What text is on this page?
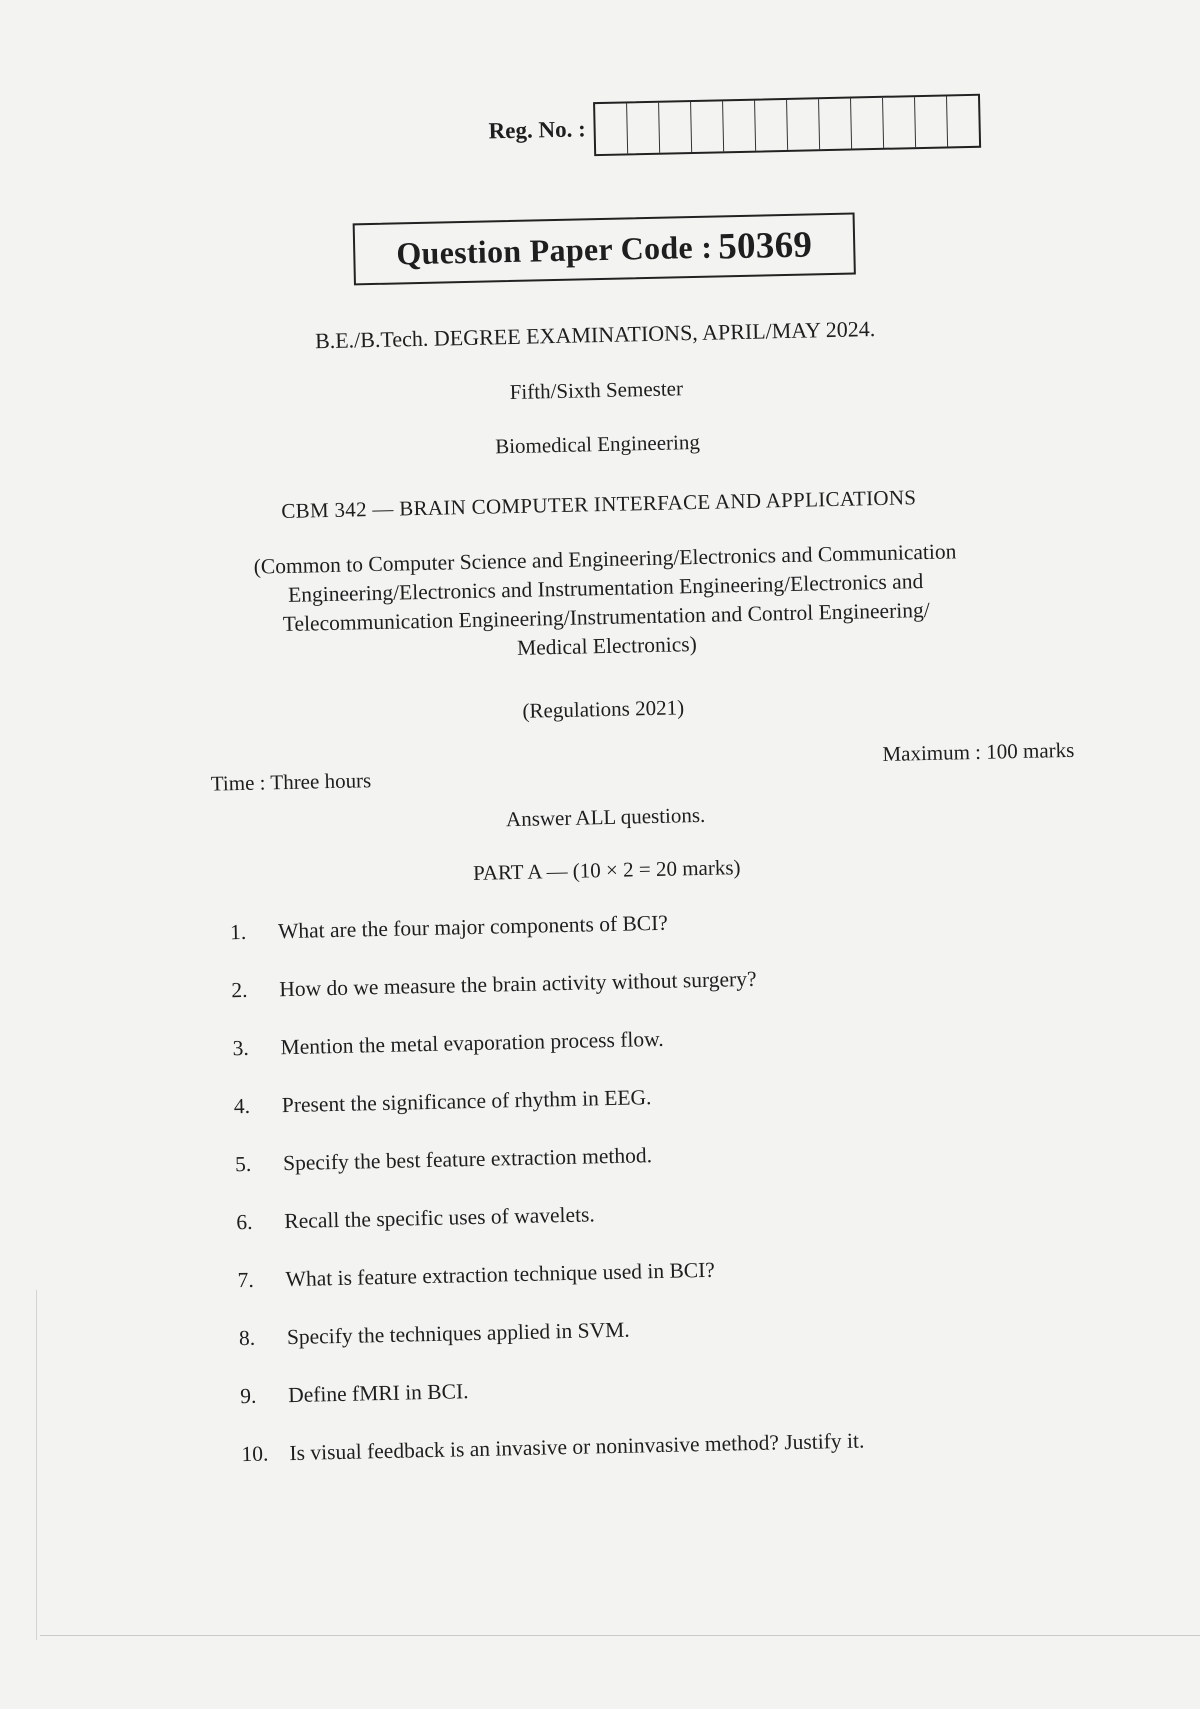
Reg. No. :
Question Paper Code : 50369
B.E./B.Tech. DEGREE EXAMINATIONS, APRIL/MAY 2024.
Fifth/Sixth Semester
Biomedical Engineering
CBM 342 — BRAIN COMPUTER INTERFACE AND APPLICATIONS
(Common to Computer Science and Engineering/Electronics and Communication
Engineering/Electronics and Instrumentation Engineering/Electronics and
Telecommunication Engineering/Instrumentation and Control Engineering/
Medical Electronics)
(Regulations 2021)
Time : Three hours
Maximum : 100 marks
Answer ALL questions.
PART A — (10 × 2 = 20 marks)
1. What are the four major components of BCI?
2. How do we measure the brain activity without surgery?
3. Mention the metal evaporation process flow.
4. Present the significance of rhythm in EEG.
5. Specify the best feature extraction method.
6. Recall the specific uses of wavelets.
7. What is feature extraction technique used in BCI?
8. Specify the techniques applied in SVM.
9. Define fMRI in BCI.
10. Is visual feedback is an invasive or noninvasive method? Justify it.
